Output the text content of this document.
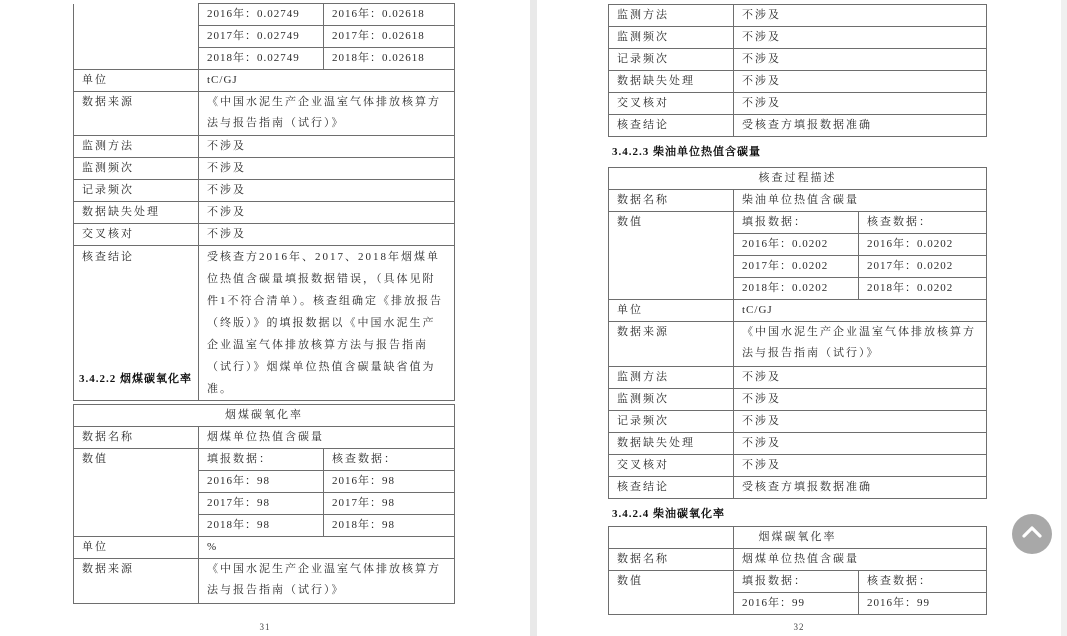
	2016年：0.02749	2016年：0.02618
	2017年：0.02749	2017年：0.02618
	2018年：0.02749	2018年：0.02618
单位	tC/GJ	
数据来源	《中国水泥生产企业温室气体排放核算方法与报告指南（试行）》	
监测方法	不涉及	
监测频次	不涉及	
记录频次	不涉及	
数据缺失处理	不涉及	
交叉核对	不涉及	
核查结论	受核查方2016年、2017、2018年烟煤单位热值含碳量填报数据错误，（具体见附件1不符合清单）。核查组确定《排放报告（终版）》的填报数据以《中国水泥生产企业温室气体排放核算方法与报告指南（试行）》烟煤单位热值含碳量缺省值为准。	
3.4.2.2 烟煤碳氧化率
烟煤碳氧化率		
数据名称	烟煤单位热值含碳量	
数值	填报数据：	核查数据：
	2016年：98	2016年：98
	2017年：98	2017年：98
	2018年：98	2018年：98
单位	%	
数据来源	《中国水泥生产企业温室气体排放核算方法与报告指南（试行）》	
31
监测方法	不涉及
监测频次	不涉及
记录频次	不涉及
数据缺失处理	不涉及
交叉核对	不涉及
核查结论	受核查方填报数据准确
3.4.2.3 柴油单位热值含碳量
核查过程描述		
数据名称	柴油单位热值含碳量	
数值	填报数据：	核查数据：
	2016年：0.0202	2016年：0.0202
	2017年：0.0202	2017年：0.0202
	2018年：0.0202	2018年：0.0202
单位	tC/GJ	
数据来源	《中国水泥生产企业温室气体排放核算方法与报告指南（试行）》	
监测方法	不涉及	
监测频次	不涉及	
记录频次	不涉及	
数据缺失处理	不涉及	
交叉核对	不涉及	
核查结论	受核查方填报数据准确	
3.4.2.4 柴油碳氧化率
烟煤碳氧化率		
数据名称	烟煤单位热值含碳量	
数值	填报数据：	核查数据：
	2016年：99	2016年：99
32
